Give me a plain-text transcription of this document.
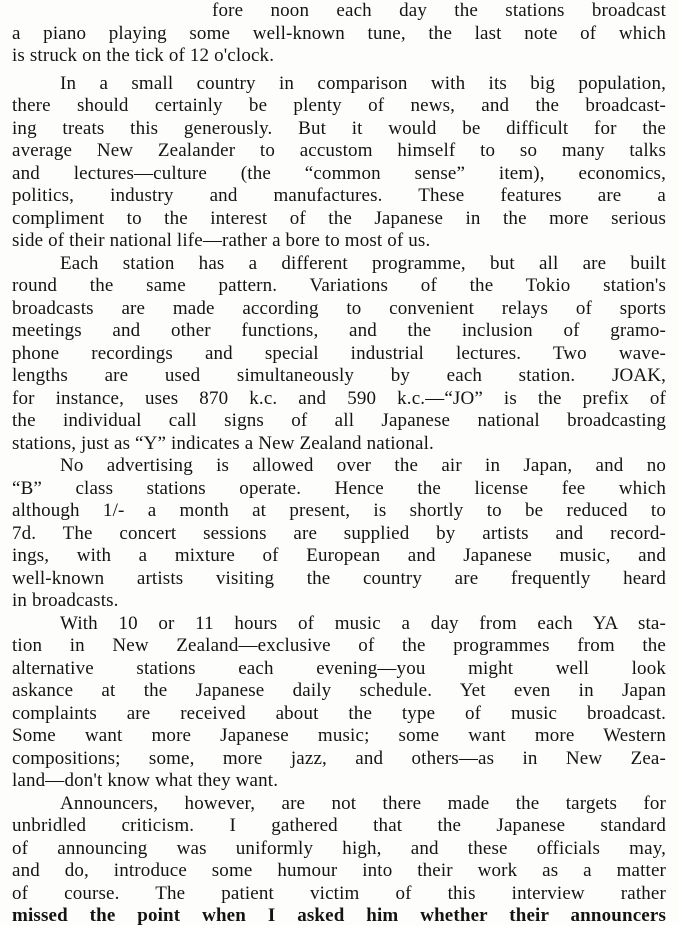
fore noon each day the stations broadcast
a piano playing some well-known tune, the last note of which
is struck on the tick of 12 o'clock.

In a small country in comparison with its big population,
there should certainly be plenty of news, and the broadcast-
ing treats this generously. But it would be difficult for the
average New Zealander to accustom himself to so many talks
and lectures—culture (the “common sense” item), economics,
politics, industry and manufactures. These features are a
compliment to the interest of the Japanese in the more serious
side of their national life—rather a bore to most of us.

Each station has a different programme, but all are built
round the same pattern. Variations of the Tokio station's
broadcasts are made according to convenient relays of sports
meetings and other functions, and the inclusion of gramo-
phone recordings and special industrial lectures. Two wave-
lengths are used simultaneously by each station. JOAK,
for instance, uses 870 k.c. and 590 k.c.—“JO” is the prefix of
the individual call signs of all Japanese national broadcasting
stations, just as “Y” indicates a New Zealand national.

No advertising is allowed over the air in Japan, and no
“B” class stations operate. Hence the license fee which
although 1/- a month at present, is shortly to be reduced to
7d. The concert sessions are supplied by artists and record-
ings, with a mixture of European and Japanese music, and
well-known artists visiting the country are frequently heard
in broadcasts.

With 10 or 11 hours of music a day from each YA sta-
tion in New Zealand—exclusive of the programmes from the
alternative stations each evening—you might well look
askance at the Japanese daily schedule. Yet even in Japan
complaints are received about the type of music broadcast.
Some want more Japanese music; some want more Western
compositions; some, more jazz, and others—as in New Zea-
land—don't know what they want.

Announcers, however, are not there made the targets for
unbridled criticism. I gathered that the Japanese standard
of announcing was uniformly high, and these officials may,
and do, introduce some humour into their work as a matter
of course. The patient victim of this interview rather
missed the point when I asked him whether their announcers
